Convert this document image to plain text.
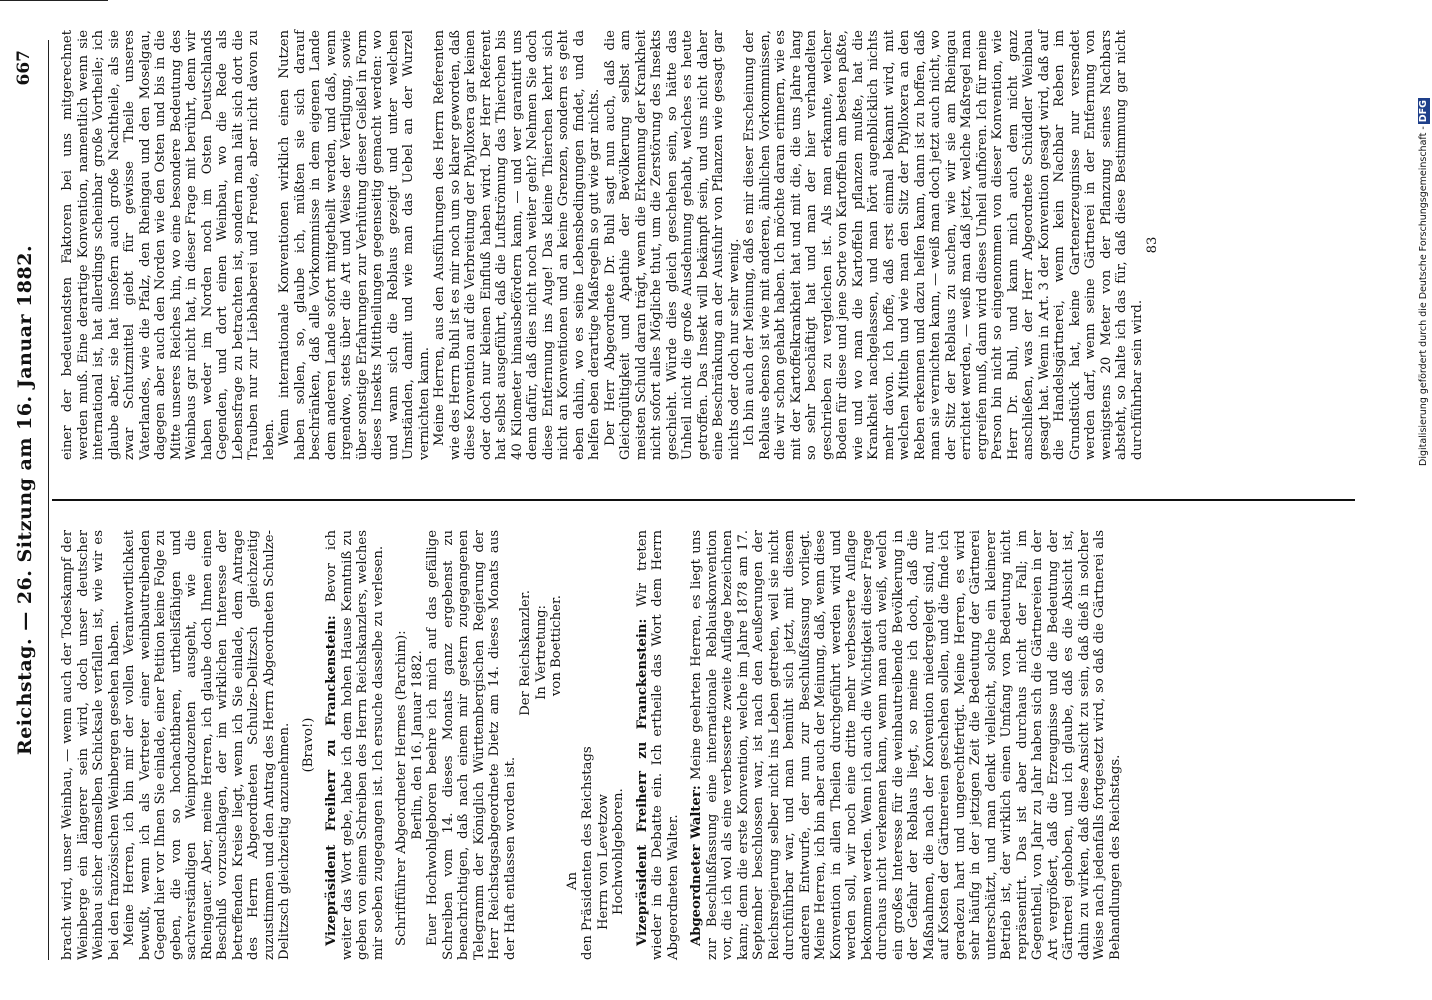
Reichstag. — 26. Sitzung am 16. Januar 1882.
667

bracht wird, unser Weinbau, — wenn auch der Todeskampf der Weinberge ein längerer sein wird, doch unser deutscher Weinbau sicher demselben Schicksale verfallen ist, wie wir es bei den französischen Weinbergen gesehen haben. Meine Herren, ich bin mir der vollen Verantwortlichkeit bewußt, wenn ich als Vertreter einer weinbautreibenden Gegend hier vor Ihnen Sie einlade, einer Petition keine Folge zu geben, die von so hochachtbaren, urtheilsfähigen und sachverständigen Weinproduzenten ausgeht, wie die Rheingauer. Aber, meine Herren, ich glaube doch Ihnen einen Beschluß vorzuschlagen, der im wirklichen Interesse der betreffenden Kreise liegt, wenn ich Sie einlade, dem Antrage des Herrn Abgeordneten Schulze-Delitzsch gleichzeitig zuzustimmen und den Antrag des Herrn Abgeordneten Schulze-Delitzsch gleichzeitig anzunehmen. (Bravo!) Vizepräsident Freiherr zu Franckenstein: Bevor ich weiter das Wort gebe, habe ich dem hohen Hause Kenntniß zu geben von einem Schreiben des Herrn Reichskanzlers, welches mir soeben zugegangen ist. Ich ersuche dasselbe zu verlesen. Schriftführer Abgeordneter Hermes (Parchim): Berlin, den 16. Januar 1882. Euer Hochwohlgeboren beehre ich mich auf das gefällige Schreiben vom 14. dieses Monats ganz ergebenst zu benachrichtigen, daß nach einem mir gestern zugegangenen Telegramm der Königlich Württembergischen Regierung der Herr Reichstagsabgeordnete Dietz am 14. dieses Monats aus der Haft entlassen worden ist.

Der Reichskanzler. In Vertretung: von Boetticher.

An den Präsidenten des Reichstags Herrn von Levetzow Hochwohlgeboren. Vizepräsident Freiherr zu Franckenstein: Wir treten wieder in die Debatte ein. Ich ertheile das Wort dem Herrn Abgeordneten Walter. Abgeordneter Walter: Meine geehrten Herren, es liegt uns zur Beschlußfassung eine internationale Reblauskonvention vor, die ich wol als eine verbesserte zweite Auflage bezeichnen kann; denn die erste Konvention, welche im Jahre 1878 am 17. September beschlossen war, ist nach den Aeußerungen der Reichsregierung selber nicht ins Leben getreten, weil sie nicht durchführbar war, und man bemüht sich jetzt, mit diesem anderen Entwurfe, der nun zur Beschlußfassung vorliegt. Meine Herren, ich bin aber auch der Meinung, daß, wenn diese Konvention in allen Theilen durchgeführt werden wird und werden soll, wir noch eine dritte mehr verbesserte Auflage bekommen werden. Wenn ich auch die Wichtigkeit dieser Frage durchaus nicht verkennen kann, wenn man auch weiß, welch ein großes Interesse für die weinbautreibende Bevölkerung in der Gefahr der Reblaus liegt, so meine ich doch, daß die Maßnahmen, die nach der Konvention niedergelegt sind, nur auf Kosten der Gärtnereien geschehen sollen, und die finde ich geradezu hart und ungerechtfertigt. Meine Herren, es wird sehr häufig in der jetzigen Zeit die Bedeutung der Gärtnerei unterschätzt, und man denkt vielleicht, solche ein kleinerer Betrieb ist, der wirklich einen Umfang von Bedeutung nicht repräsentirt. Das ist aber durchaus nicht der Fall; im Gegentheil, von Jahr zu Jahr haben sich die Gärtnereien in der Art vergrößert, daß die Erzeugnisse und die Bedeutung der Gärtnerei gehoben, und ich glaube, daß es die Absicht ist, dahin zu wirken, daß diese Ansicht zu sein, daß dieß in solcher Weise nach jedenfalls fortgesetzt wird, so daß die Gärtnerei als Behandlungen des Reichstags.

einer der bedeutendsten Faktoren bei uns mitgerechnet werden muß. Eine derartige Konvention, namentlich wenn sie international ist, hat allerdings scheinbar große Vortheile; ich glaube aber, sie hat insofern auch große Nachtheile, als sie zwar Schutzmittel giebt für gewisse Theile unseres Vaterlandes, wie die Pfalz, den Rheingau und den Moselgau, dagegen aber auch den Norden wie den Osten und bis in die Mitte unseres Reiches hin, wo eine besondere Bedeutung des Weinbaus gar nicht hat, in dieser Frage mit berührt, denn wir haben weder im Norden noch im Osten Deutschlands Gegenden, und dort einen Weinbau, wo die Rede als Lebensfrage zu betrachten ist, sondern man hält sich dort die Trauben nur zur Liebhaberei und Freude, aber nicht davon zu leben. Wenn internationale Konventionen wirklich einen Nutzen haben sollen, so, glaube ich, müßten sie sich darauf beschränken, daß alle Vorkommnisse in dem eigenen Lande dem anderen Lande sofort mitgetheilt werden, und daß, wenn irgendwo, stets über die Art und Weise der Vertilgung, sowie über sonstige Erfahrungen zur Verhütung dieser Geißel in Form dieses Insekts Mittheilungen gegenseitig gemacht werden: wo und wann sich die Reblaus gezeigt und unter welchen Umständen, damit und wie man das Uebel an der Wurzel vernichten kann. Meine Herren, aus den Ausführungen des Herrn Referenten wie des Herrn Buhl ist es mir noch um so klarer geworden, daß diese Konvention auf die Verbreitung der Phylloxera gar keinen oder doch nur kleinen Einfluß haben wird. Der Herr Referent hat selbst ausgeführt, daß die Luftströmung das Thierchen bis 40 Kilometer hinausbefördern kann, — und wer garantirt uns denn dafür, daß dies nicht noch weiter geht? Nehmen Sie doch diese Entfernung ins Auge! Das kleine Thierchen kehrt sich nicht an Konventionen und an keine Grenzen, sondern es geht eben dahin, wo es seine Lebensbedingungen findet, und da helfen eben derartige Maßregeln so gut wie gar nichts. Der Herr Abgeordnete Dr. Buhl sagt nun auch, daß die Gleichgültigkeit und Apathie der Bevölkerung selbst am meisten Schuld daran trägt, wenn die Erkennung der Krankheit nicht sofort alles Mögliche thut, um die Zerstörung des Insekts geschieht. Würde dies gleich geschehen sein, so hätte das Unheil nicht die große Ausdehnung gehabt, welches es heute getroffen. Das Insekt will bekämpft sein, und uns nicht daher eine Beschränkung an der Ausfuhr von Pflanzen wie gesagt gar nichts oder doch nur sehr wenig. Ich bin auch der Meinung, daß es mir dieser Erscheinung der Reblaus ebenso ist wie mit anderen, ähnlichen Vorkommnissen, die wir schon gehabt haben. Ich möchte daran erinnern, wie es mit der Kartoffelkrankheit hat und mit die, die uns Jahre lang so sehr beschäftigt hat und man der hier verhandelten geschrieben zu vergleichen ist. Als man erkannte, welcher Boden für diese und jene Sorte von Kartoffeln am besten paßte, wie und wo man die Kartoffeln pflanzen mußte, hat die Krankheit nachgelassen, und man hört augenblicklich nichts mehr davon. Ich hoffe, daß erst einmal bekannt wird, mit welchen Mitteln und wie man den Sitz der Phylloxera an den Reben erkennen und dazu helfen kann, dann ist zu hoffen, daß man sie vernichten kann, — weiß man doch jetzt auch nicht, wo der Sitz der Reblaus zu suchen, wie wir sie am Rheingau errichtet werden, — weiß man daß jetzt, welche Maßregel man ergreifen muß, dann wird dieses Unheil aufhören. Ich für meine Person bin nicht so eingenommen von dieser Konvention, wie Herr Dr. Buhl, und kann mich auch dem nicht ganz anschließen, was der Herr Abgeordnete Schüddler Weinbau gesagt hat. Wenn in Art. 3 der Konvention gesagt wird, daß auf die Handelsgärtnerei, wenn kein Nachbar Reben im Grundstück hat, keine Gartenerzeugnisse nur versendet werden darf, wenn seine Gärtnerei in der Entfernung von wenigstens 20 Meter von der Pflanzung seines Nachbars absteht, so halte ich das für, daß diese Bestimmung gar nicht durchführbar sein wird.

83	Digitalisierung gefördert durch die Deutsche Forschungsgemeinschaft -DFG
